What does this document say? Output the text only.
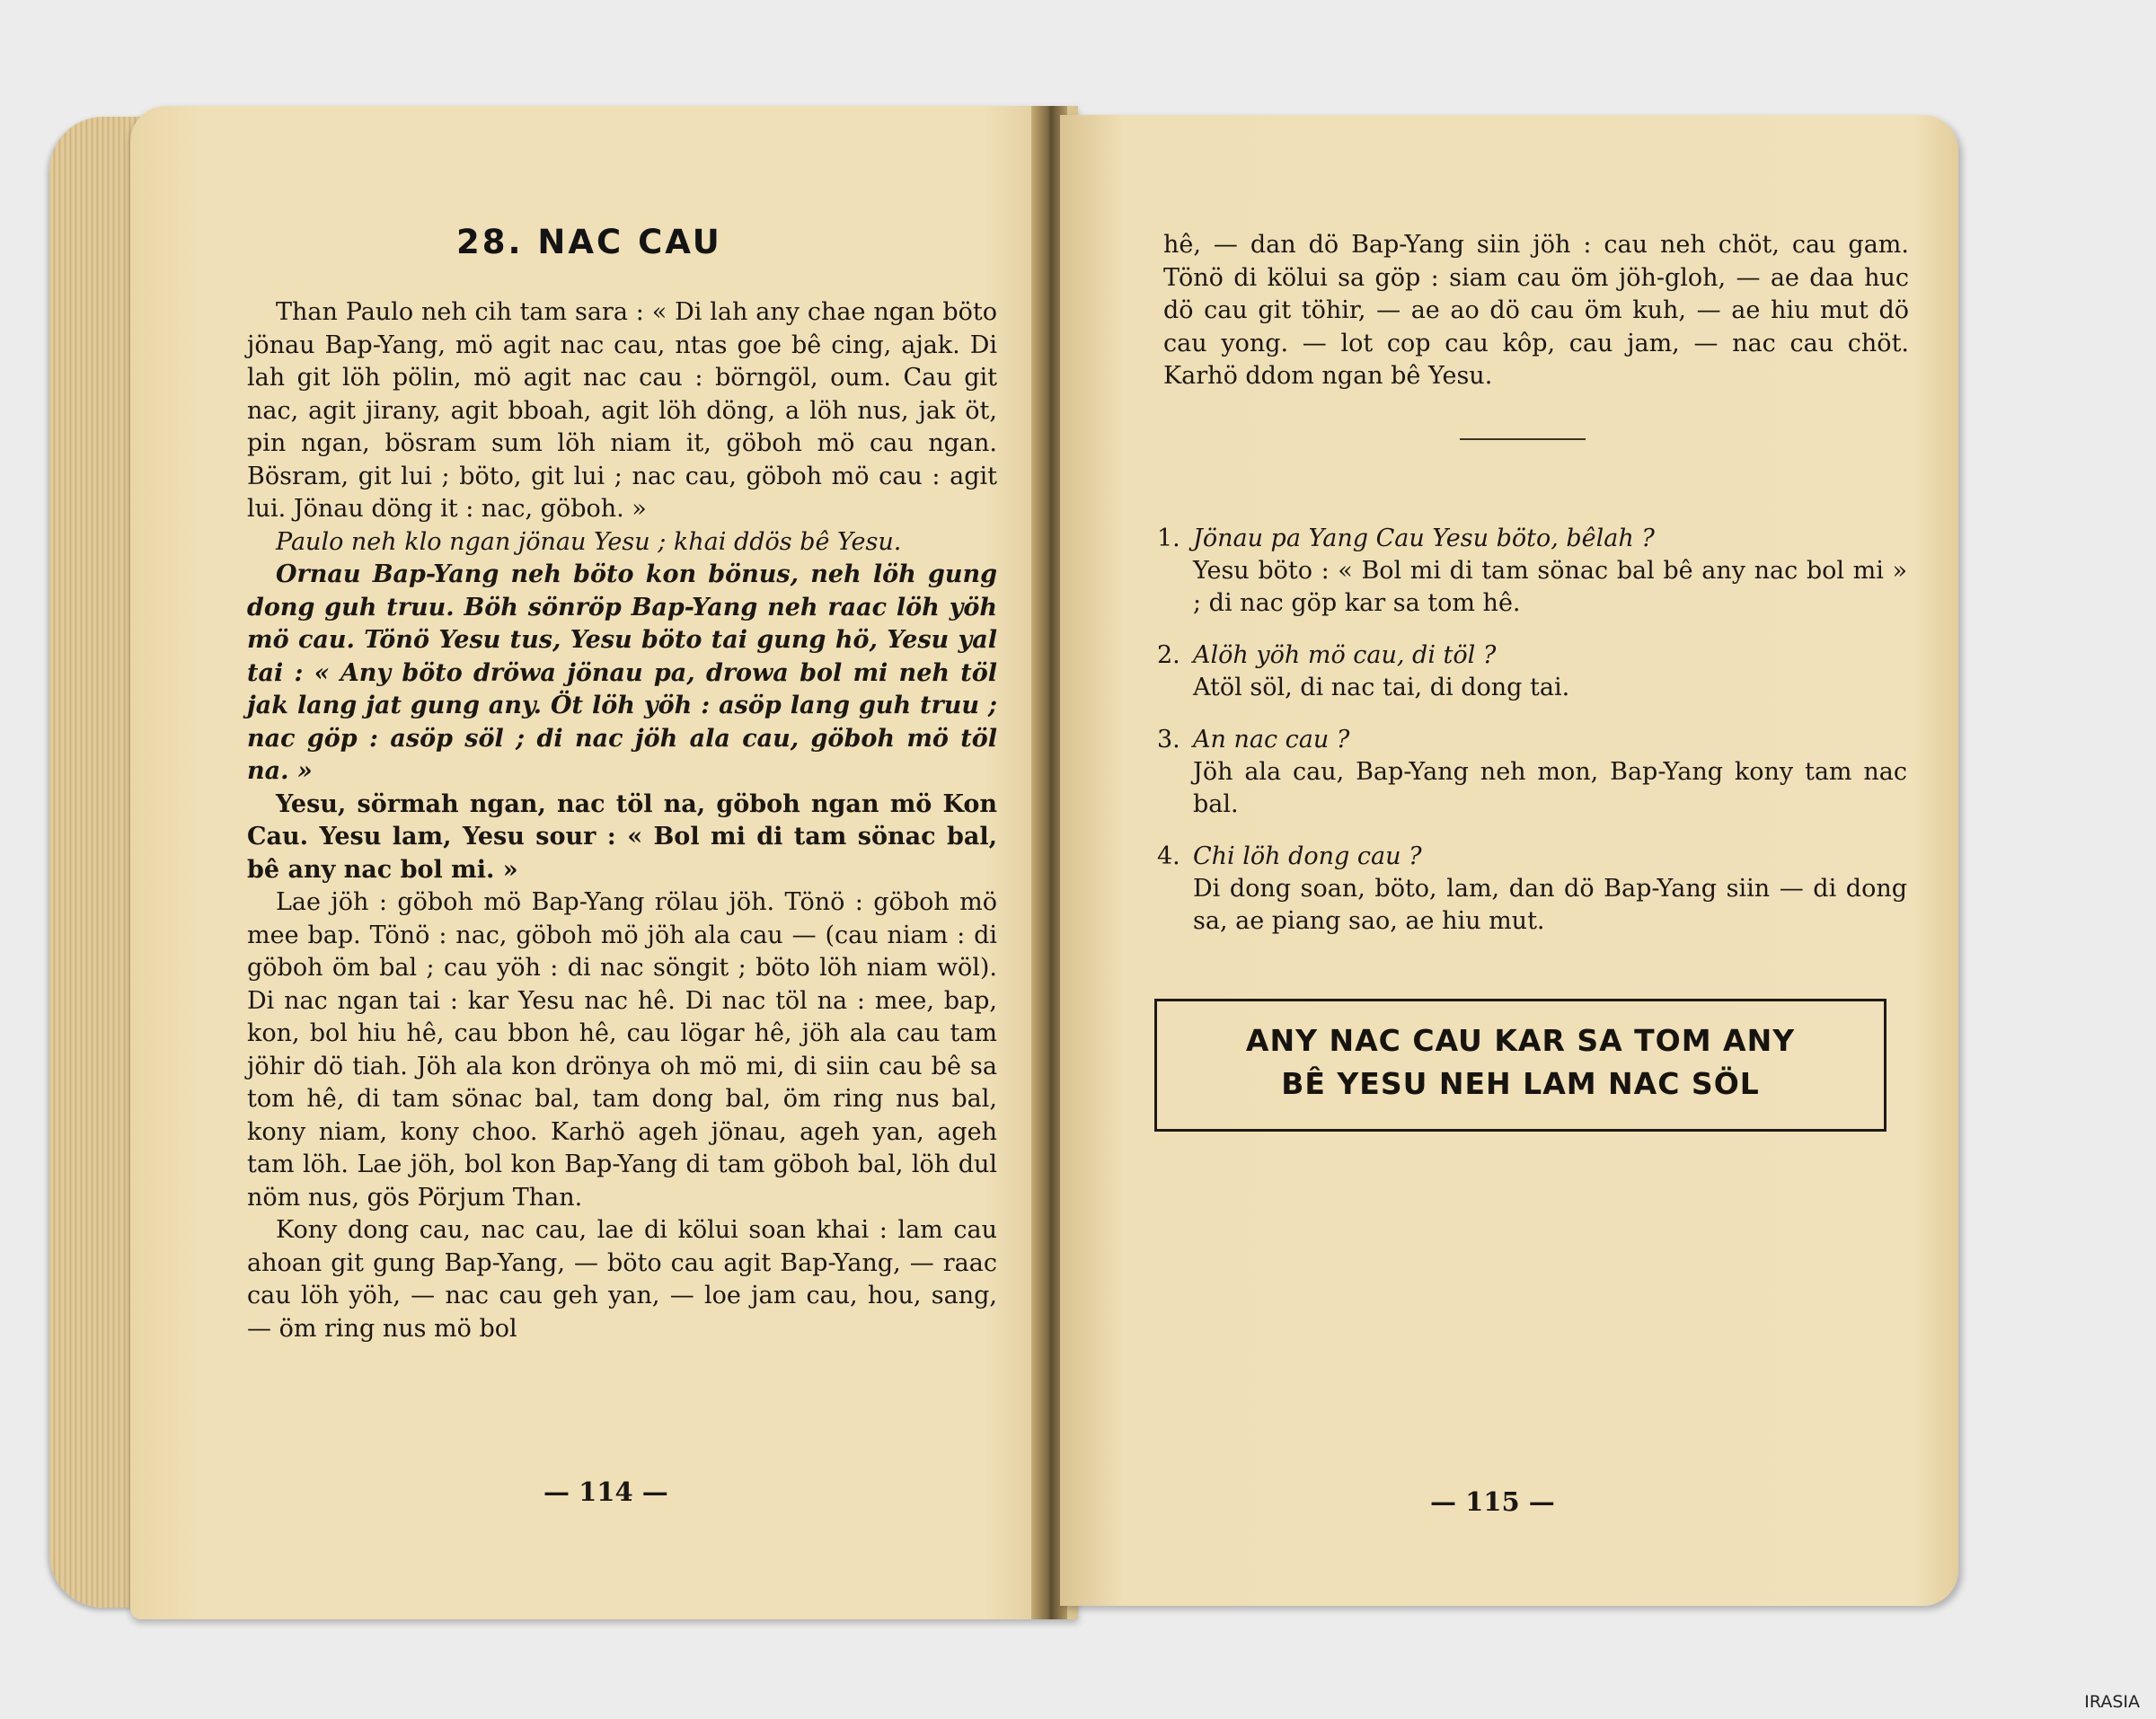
28. NAC CAU

Than Paulo neh cih tam sara : « Di lah any chae ngan böto jönau Bap-Yang, mö agit nac cau, ntas goe bê cing, ajak. Di lah git löh pölin, mö agit nac cau : börngöl, oum. Cau git nac, agit jirany, agit bboah, agit löh döng, a löh nus, jak öt, pin ngan, bösram sum löh niam it, göboh mö cau ngan. Bösram, git lui ; böto, git lui ; nac cau, göboh mö cau : agit lui. Jönau döng it : nac, göboh. »

Paulo neh klo ngan jönau Yesu ; khai ddös bê Yesu.

Ornau Bap-Yang neh böto kon bönus, neh löh gung dong guh truu. Böh sönröp Bap-Yang neh raac löh yöh mö cau. Tönö Yesu tus, Yesu böto tai gung hö, Yesu yal tai : « Any böto dröwa jönau pa, drowa bol mi neh töl jak lang jat gung any. Öt löh yöh : asöp lang guh truu ; nac göp : asöp söl ; di nac jöh ala cau, göboh mö töl na. »

Yesu, sörmah ngan, nac töl na, göboh ngan mö Kon Cau. Yesu lam, Yesu sour : « Bol mi di tam sönac bal, bê any nac bol mi. »

Lae jöh : göboh mö Bap-Yang rölau jöh. Tönö : göboh mö mee bap. Tönö : nac, göboh mö jöh ala cau — (cau niam : di göboh öm bal ; cau yöh : di nac söngit ; böto löh niam wöl). Di nac ngan tai : kar Yesu nac hê. Di nac töl na : mee, bap, kon, bol hiu hê, cau bbon hê, cau lögar hê, jöh ala cau tam jöhir dö tiah. Jöh ala kon drönya oh mö mi, di siin cau bê sa tom hê, di tam sönac bal, tam dong bal, öm ring nus bal, kony niam, kony choo. Karhö ageh jönau, ageh yan, ageh tam löh. Lae jöh, bol kon Bap-Yang di tam göboh bal, löh dul nöm nus, gös Pörjum Than.

Kony dong cau, nac cau, lae di kölui soan khai : lam cau ahoan git gung Bap-Yang, — böto cau agit Bap-Yang, — raac cau löh yöh, — nac cau geh yan, — loe jam cau, hou, sang, — öm ring nus mö bol

— 114 —

hê, — dan dö Bap-Yang siin jöh : cau neh chöt, cau gam. Tönö di kölui sa göp : siam cau öm jöh-gloh, — ae daa huc dö cau git töhir, — ae ao dö cau öm kuh, — ae hiu mut dö cau yong. — lot cop cau kôp, cau jam, — nac cau chöt. Karhö ddom ngan bê Yesu.

1. Jönau pa Yang Cau Yesu böto, bêlah ?
Yesu böto : « Bol mi di tam sönac bal bê any nac bol mi » ; di nac göp kar sa tom hê.
2. Alöh yöh mö cau, di töl ?
Atöl söl, di nac tai, di dong tai.
3. An nac cau ?
Jöh ala cau, Bap-Yang neh mon, Bap-Yang kony tam nac bal.
4. Chi löh dong cau ?
Di dong soan, böto, lam, dan dö Bap-Yang siin — di dong sa, ae piang sao, ae hiu mut.
ANY NAC CAU KAR SA TOM ANY
BÊ YESU NEH LAM NAC SÖL
— 115 —
IRASIA
